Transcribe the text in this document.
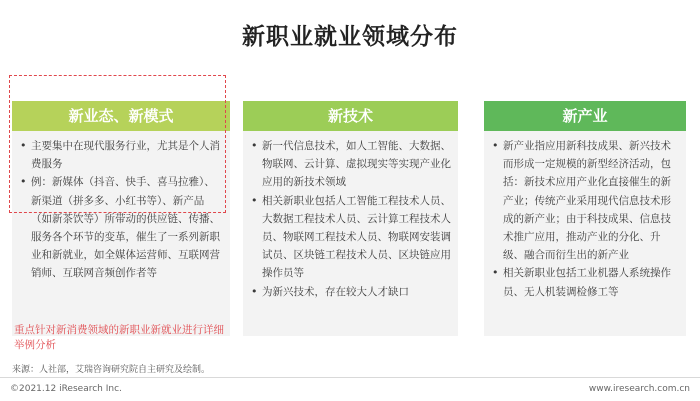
新职业就业领域分布
新业态、新模式
• 主要集中在现代服务行业，尤其是个人消费服务
• 例：新媒体（抖音、快手、喜马拉雅）、新渠道（拼多多、小红书等）、新产品（如新茶饮等）所带动的供应链、传播、服务各个环节的变革，催生了一系列新职业和新就业，如全媒体运营师、互联网营销师、互联网音频创作者等
新技术
• 新一代信息技术，如人工智能、大数据、物联网、云计算、虚拟现实等实现产业化应用的新技术领域
• 相关新职业包括人工智能工程技术人员、大数据工程技术人员、云计算工程技术人员、物联网工程技术人员、物联网安装调试员、区块链工程技术人员、区块链应用操作员等
• 为新兴技术，存在较大人才缺口
新产业
• 新产业指应用新科技成果、新兴技术而形成一定规模的新型经济活动，包括：新技术应用产业化直接催生的新产业；传统产业采用现代信息技术形成的新产业；由于科技成果、信息技术推广应用，推动产业的分化、升级、融合而衍生出的新产业
• 相关新职业包括工业机器人系统操作员、无人机装调检修工等

重点针对新消费领域的新职业新就业进行详细举例分析

来源：人社部，艾瑞咨询研究院自主研究及绘制。

©2021.12 iResearch Inc.	www.iresearch.com.cn
